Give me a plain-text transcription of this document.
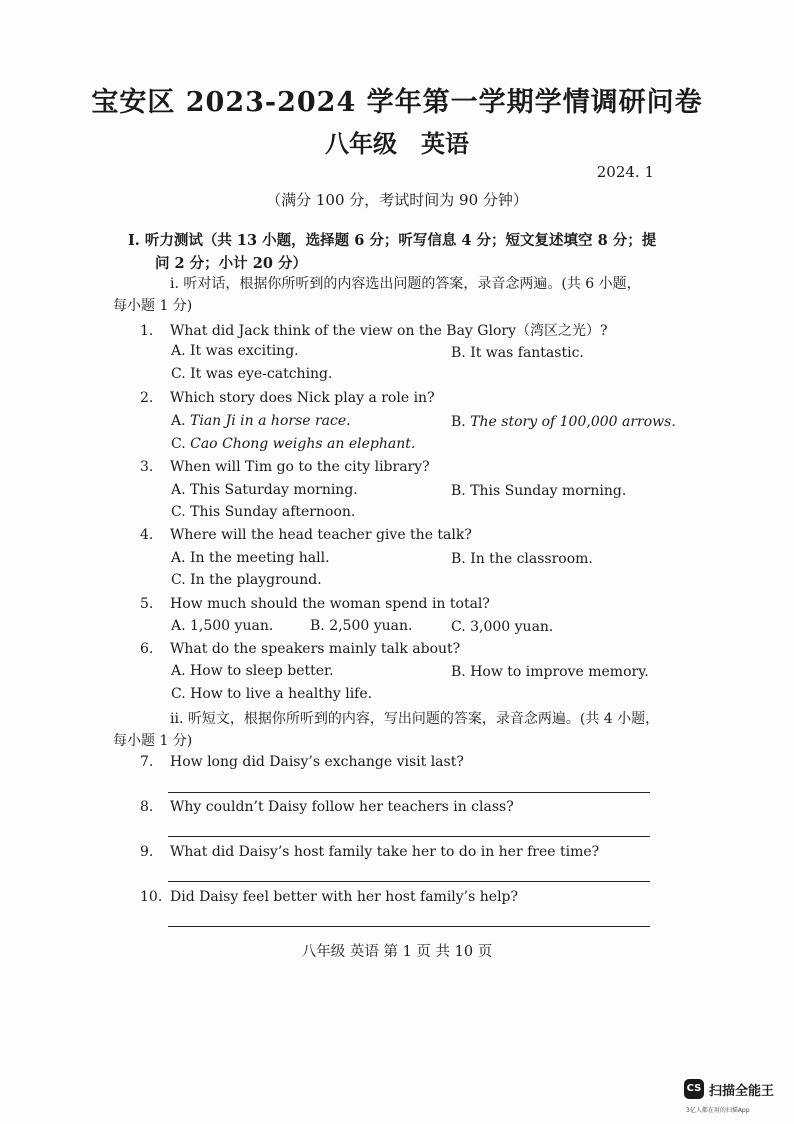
宝安区 2023-2024 学年第一学期学情调研问卷
八年级　英语
2024. 1
（满分 100 分，考试时间为 90 分钟）
Ⅰ. 听力测试（共 13 小题，选择题 6 分；听写信息 4 分；短文复述填空 8 分；提
问 2 分；小计 20 分）
i. 听对话，根据你所听到的内容选出问题的答案，录音念两遍。(共 6 小题，
每小题 1 分)
1. What did Jack think of the view on the Bay Glory（湾区之光）?
A. It was exciting.	B. It was fantastic.
C. It was eye-catching.
2. Which story does Nick play a role in?
A. Tian Ji in a horse race.	B. The story of 100,000 arrows.
C. Cao Chong weighs an elephant.
3. When will Tim go to the city library?
A. This Saturday morning.	B. This Sunday morning.
C. This Sunday afternoon.
4. Where will the head teacher give the talk?
A. In the meeting hall.	B. In the classroom.
C. In the playground.
5. How much should the woman spend in total?
A. 1,500 yuan.	B. 2,500 yuan.	C. 3,000 yuan.
6. What do the speakers mainly talk about?
A. How to sleep better.	B. How to improve memory.
C. How to live a healthy life.
ii. 听短文，根据你所听到的内容，写出问题的答案，录音念两遍。(共 4 小题，
每小题 1 分)
7. How long did Daisy’s exchange visit last?
8. Why couldn’t Daisy follow her teachers in class?
9. What did Daisy’s host family take her to do in her free time?
10. Did Daisy feel better with her host family’s help?
八年级 英语 第 1 页 共 10 页
CS 扫描全能王
3亿人都在用的扫描App
